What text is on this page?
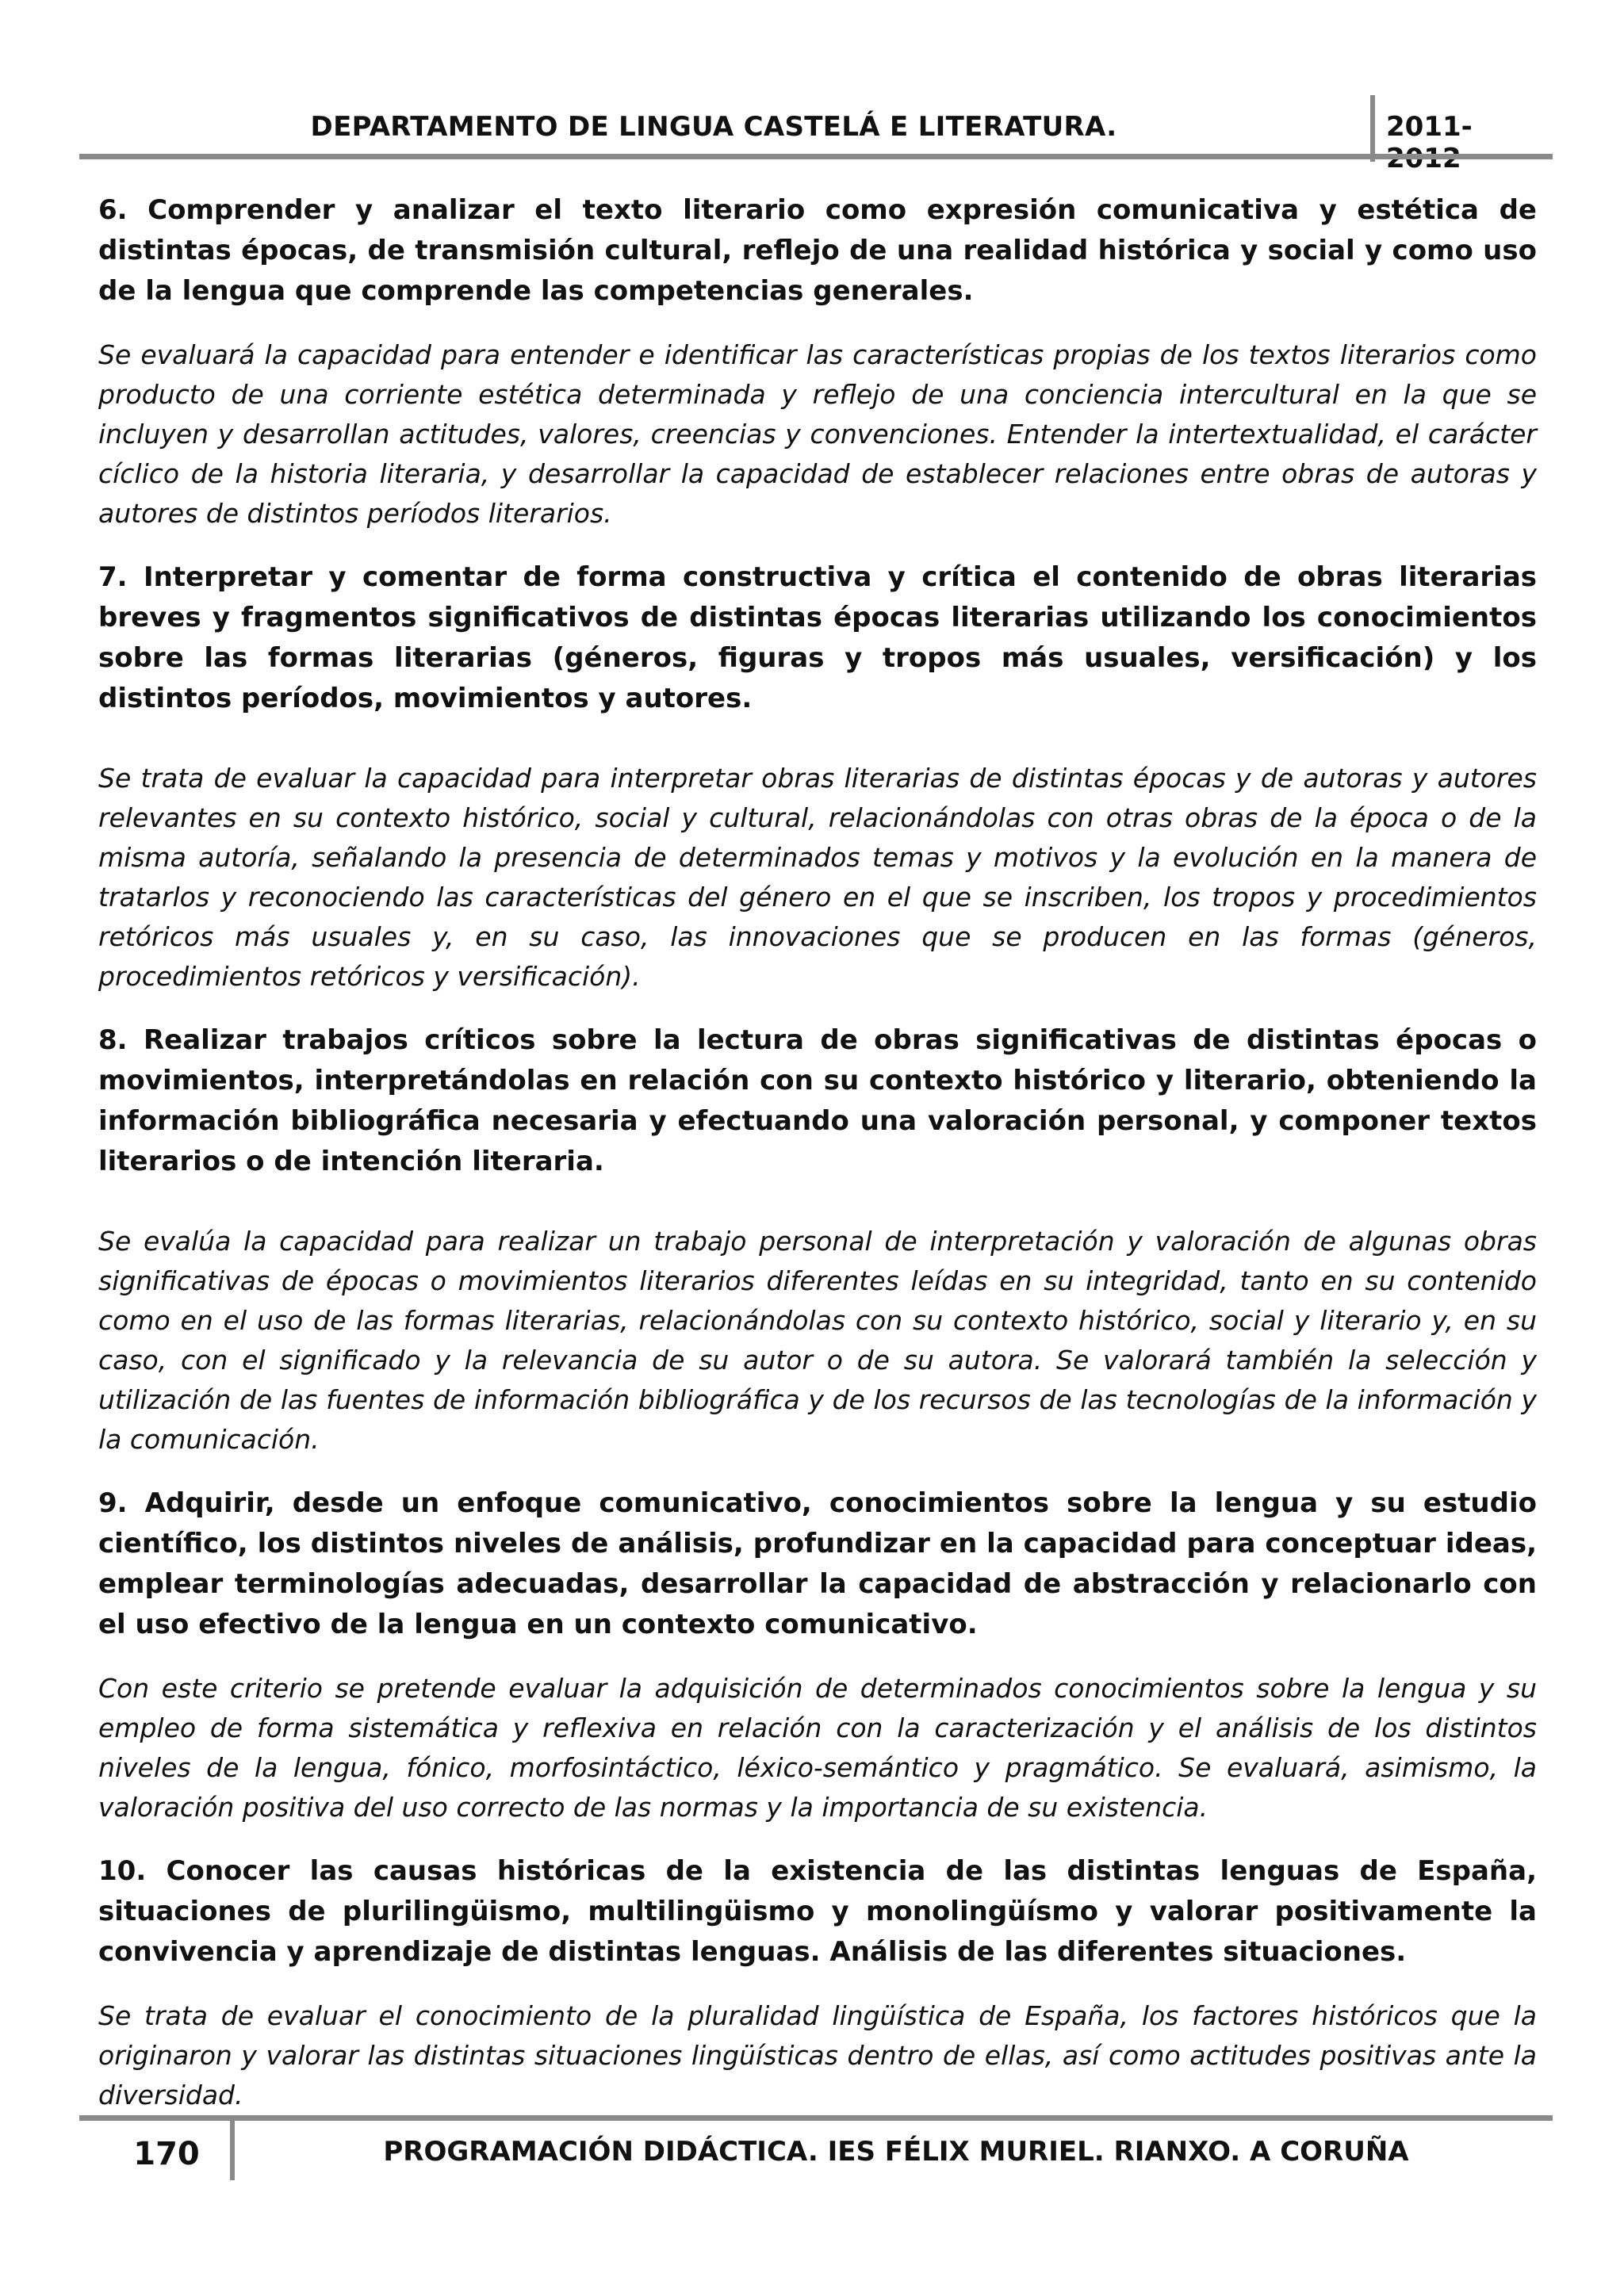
DEPARTAMENTO DE LINGUA CASTELÁ E LITERATURA.	2011-

6. Comprender y analizar el texto literario como expresión comunicativa y estética de distintas épocas, de transmisión cultural, reflejo de una realidad histórica y social y como uso de la lengua que comprende las competencias generales.

Se evaluará la capacidad para entender e identificar las características propias de los textos literarios como producto de una corriente estética determinada y reflejo de una conciencia intercultural en la que se incluyen y desarrollan actitudes, valores, creencias y convenciones. Entender la intertextualidad, el carácter cíclico de la historia literaria, y desarrollar la capacidad de establecer relaciones entre obras de autoras y autores de distintos períodos literarios.

7. Interpretar y comentar de forma constructiva y crítica el contenido de obras literarias breves y fragmentos significativos de distintas épocas literarias utilizando los conocimientos sobre las formas literarias (géneros, figuras y tropos más usuales, versificación) y los distintos períodos, movimientos y autores.

Se trata de evaluar la capacidad para interpretar obras literarias de distintas épocas y de autoras y autores relevantes en su contexto histórico, social y cultural, relacionándolas con otras obras de la época o de la misma autoría, señalando la presencia de determinados temas y motivos y la evolución en la manera de tratarlos y reconociendo las características del género en el que se inscriben, los tropos y procedimientos retóricos más usuales y, en su caso, las innovaciones que se producen en las formas (géneros, procedimientos retóricos y versificación).

8. Realizar trabajos críticos sobre la lectura de obras significativas de distintas épocas o movimientos, interpretándolas en relación con su contexto histórico y literario, obteniendo la información bibliográfica necesaria y efectuando una valoración personal, y componer textos literarios o de intención literaria.

Se evalúa la capacidad para realizar un trabajo personal de interpretación y valoración de algunas obras significativas de épocas o movimientos literarios diferentes leídas en su integridad, tanto en su contenido como en el uso de las formas literarias, relacionándolas con su contexto histórico, social y literario y, en su caso, con el significado y la relevancia de su autor o de su autora. Se valorará también la selección y utilización de las fuentes de información bibliográfica y de los recursos de las tecnologías de la información y la comunicación.

9. Adquirir, desde un enfoque comunicativo, conocimientos sobre la lengua y su estudio científico, los distintos niveles de análisis, profundizar en la capacidad para conceptuar ideas, emplear terminologías adecuadas, desarrollar la capacidad de abstracción y relacionarlo con el uso efectivo de la lengua en un contexto comunicativo.

Con este criterio se pretende evaluar la adquisición de determinados conocimientos sobre la lengua y su empleo de forma sistemática y reflexiva en relación con la caracterización y el análisis de los distintos niveles de la lengua, fónico, morfosintáctico, léxico-semántico y pragmático. Se evaluará, asimismo, la valoración positiva del uso correcto de las normas y la importancia de su existencia.

10. Conocer las causas históricas de la existencia de las distintas lenguas de España, situaciones de plurilingüismo, multilingüismo y monolingüísmo y valorar positivamente la convivencia y aprendizaje de distintas lenguas. Análisis de las diferentes situaciones.

Se trata de evaluar el conocimiento de la pluralidad lingüística de España, los factores históricos que la originaron y valorar las distintas situaciones lingüísticas dentro de ellas, así como actitudes positivas ante la diversidad.

170	PROGRAMACIÓN DIDÁCTICA. IES FÉLIX MURIEL. RIANXO. A CORUÑA
